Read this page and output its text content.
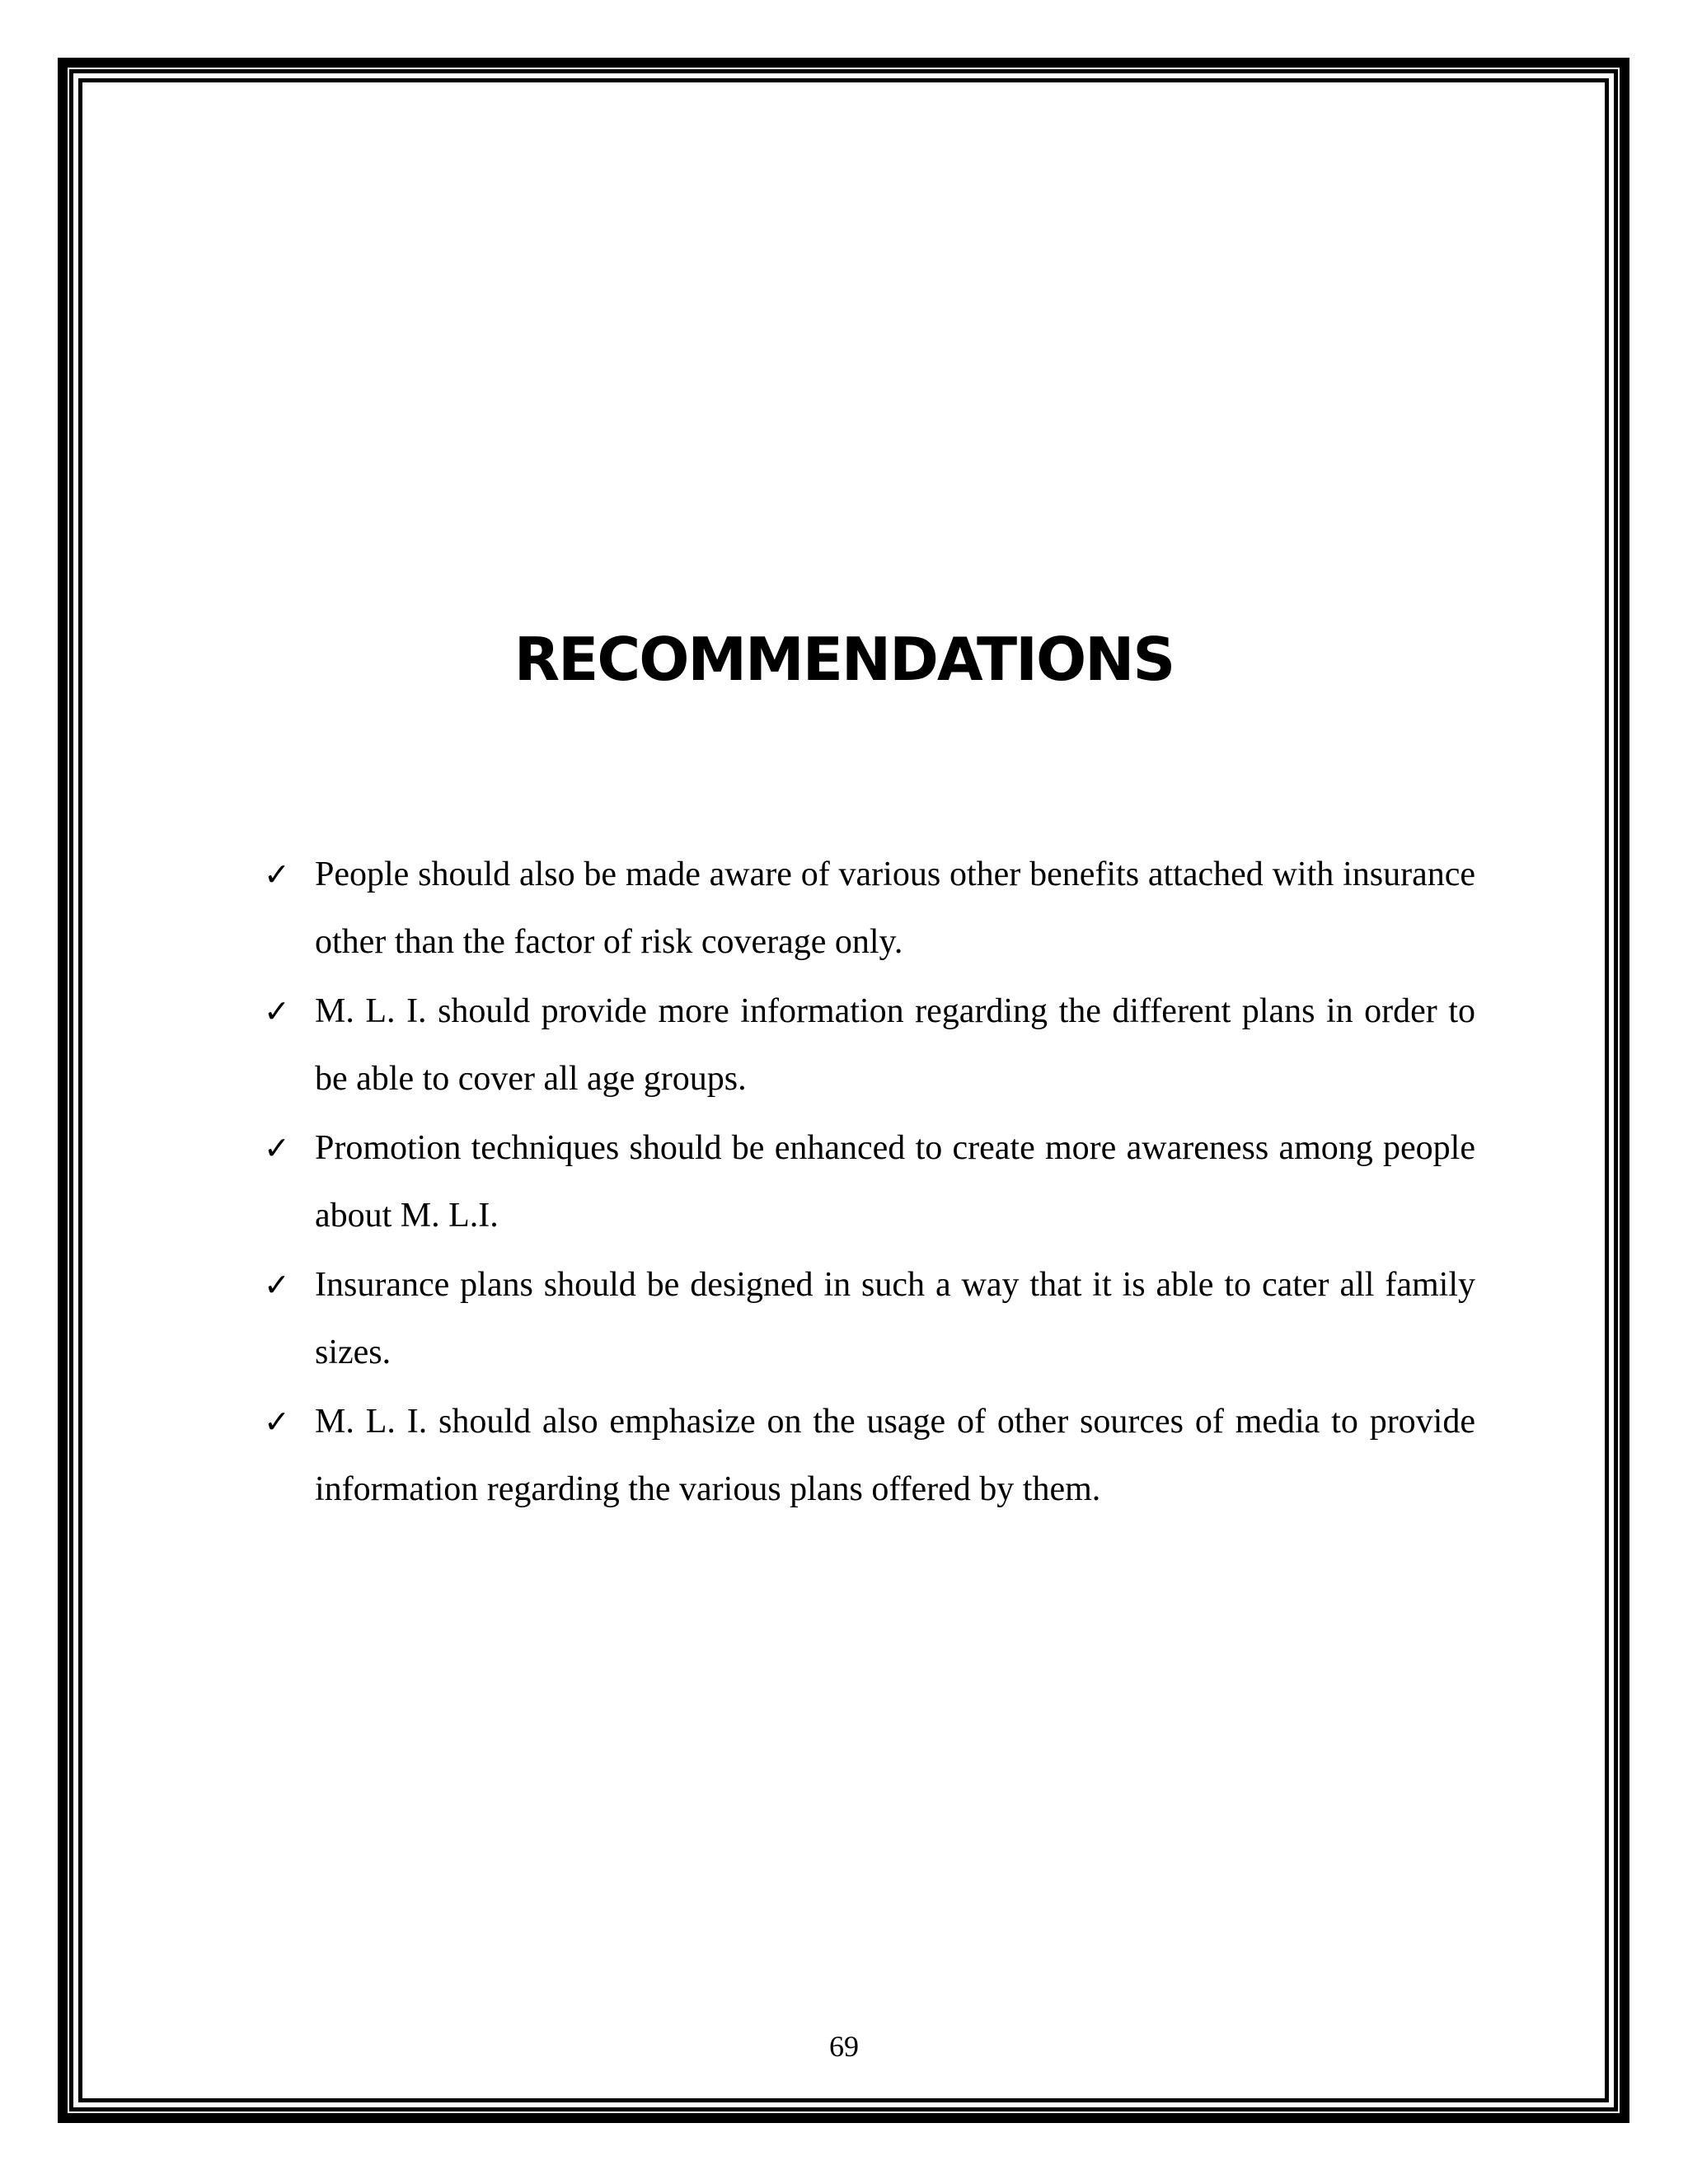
RECOMMENDATIONS
✓ People should also be made aware of various other benefits attached with insurance other than the factor of risk coverage only.
✓ M. L. I. should provide more information regarding the different plans in order to be able to cover all age groups.
✓ Promotion techniques should be enhanced to create more awareness among people about M. L.I.
✓ Insurance plans should be designed in such a way that it is able to cater all family sizes.
✓ M. L. I. should also emphasize on the usage of other sources of media to provide information regarding the various plans offered by them.
69
